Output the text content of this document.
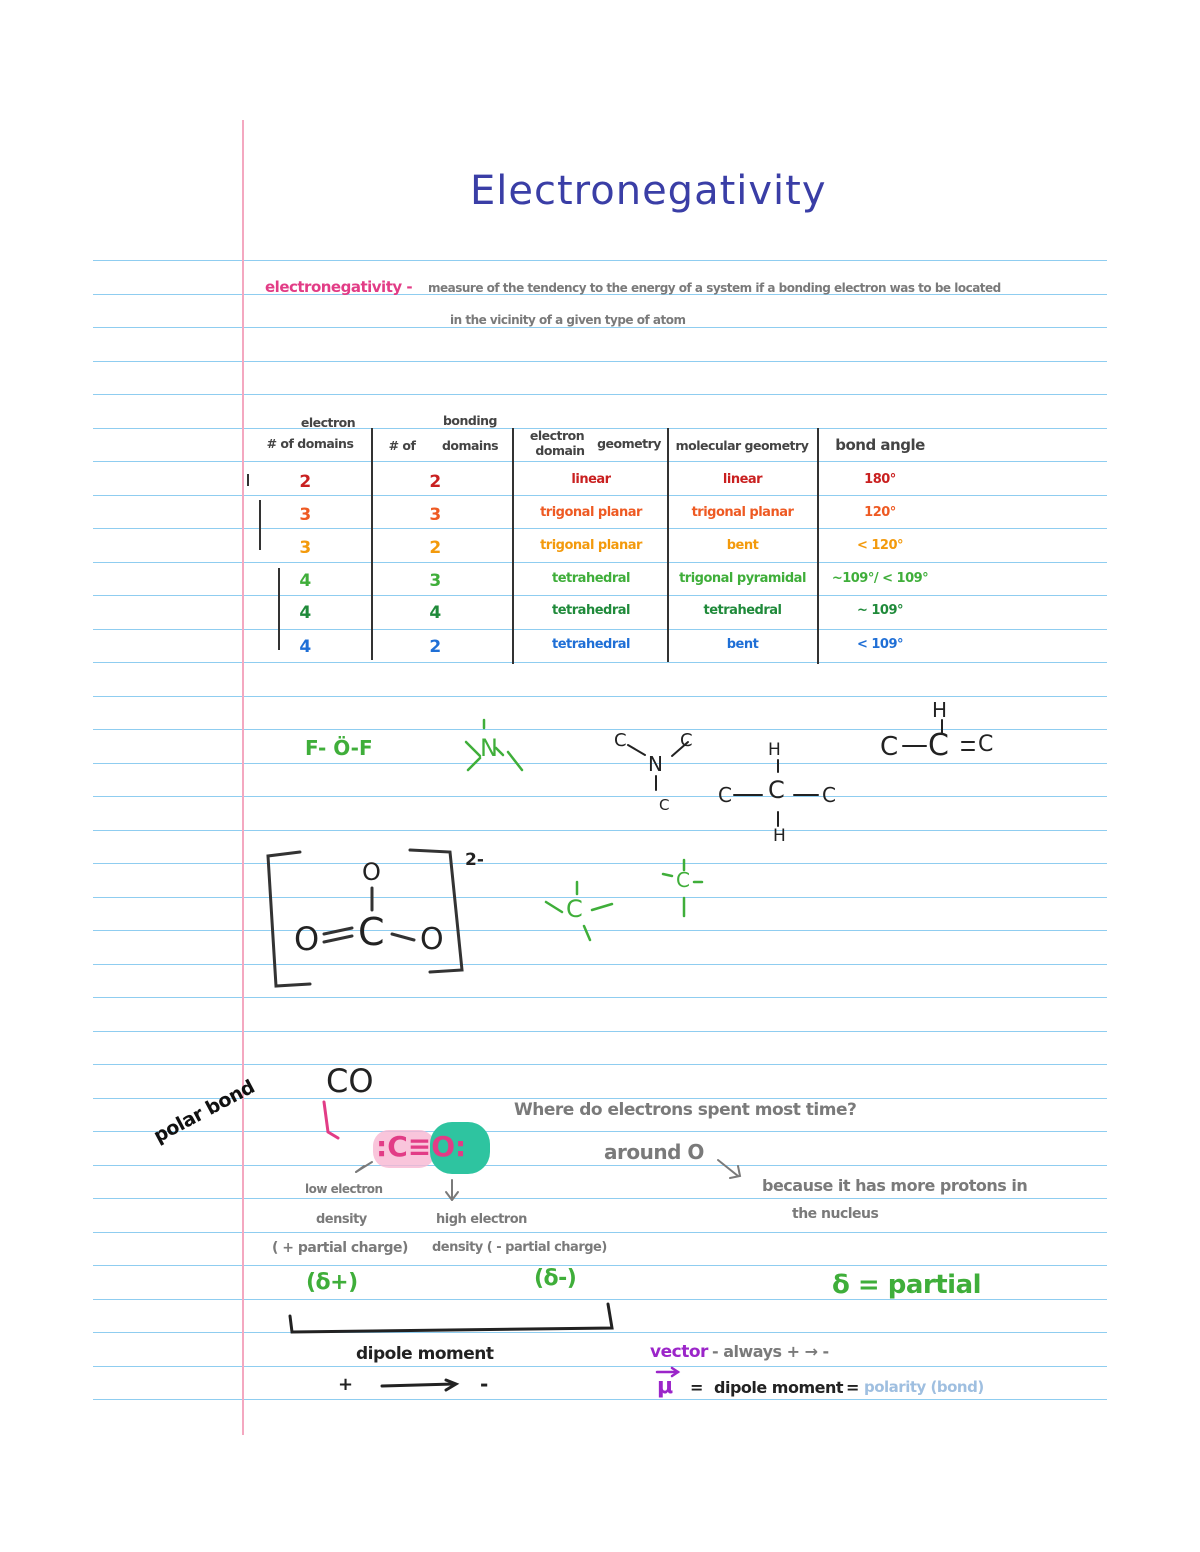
Electronegativity
electronegativity - measure of the tendency to the energy of a system if a bonding electron was to be located
in the vicinity of a given type of atom
electron
# of domains
bonding
# of	domains
electron
domain	geometry molecular geometry	bond angle
2	2	linear	linear	180°
3	3	trigonal planar	trigonal planar	120°
3	2	trigonal planar	bent	< 120°
4	3	tetrahedral	trigonal pyramidal	~109°/ < 109°
4	4	tetrahedral	tetrahedral	~ 109°
4	2	tetrahedral	bent	< 109°
F- Ö-F	N	C	C
N
C
H
C C C
H
H
C C C
2-
O
O C O
C
C
polar bond CO
:C≡O:
Where do electrons spent most time?
around O
because it has more protons in
the nucleus
low electron
density
( + partial charge)
high electron
density ( - partial charge)
(δ+)	(δ-)	δ = partial
dipole moment
+	-
vector - always + → -
μ = dipole moment = polarity (bond)
